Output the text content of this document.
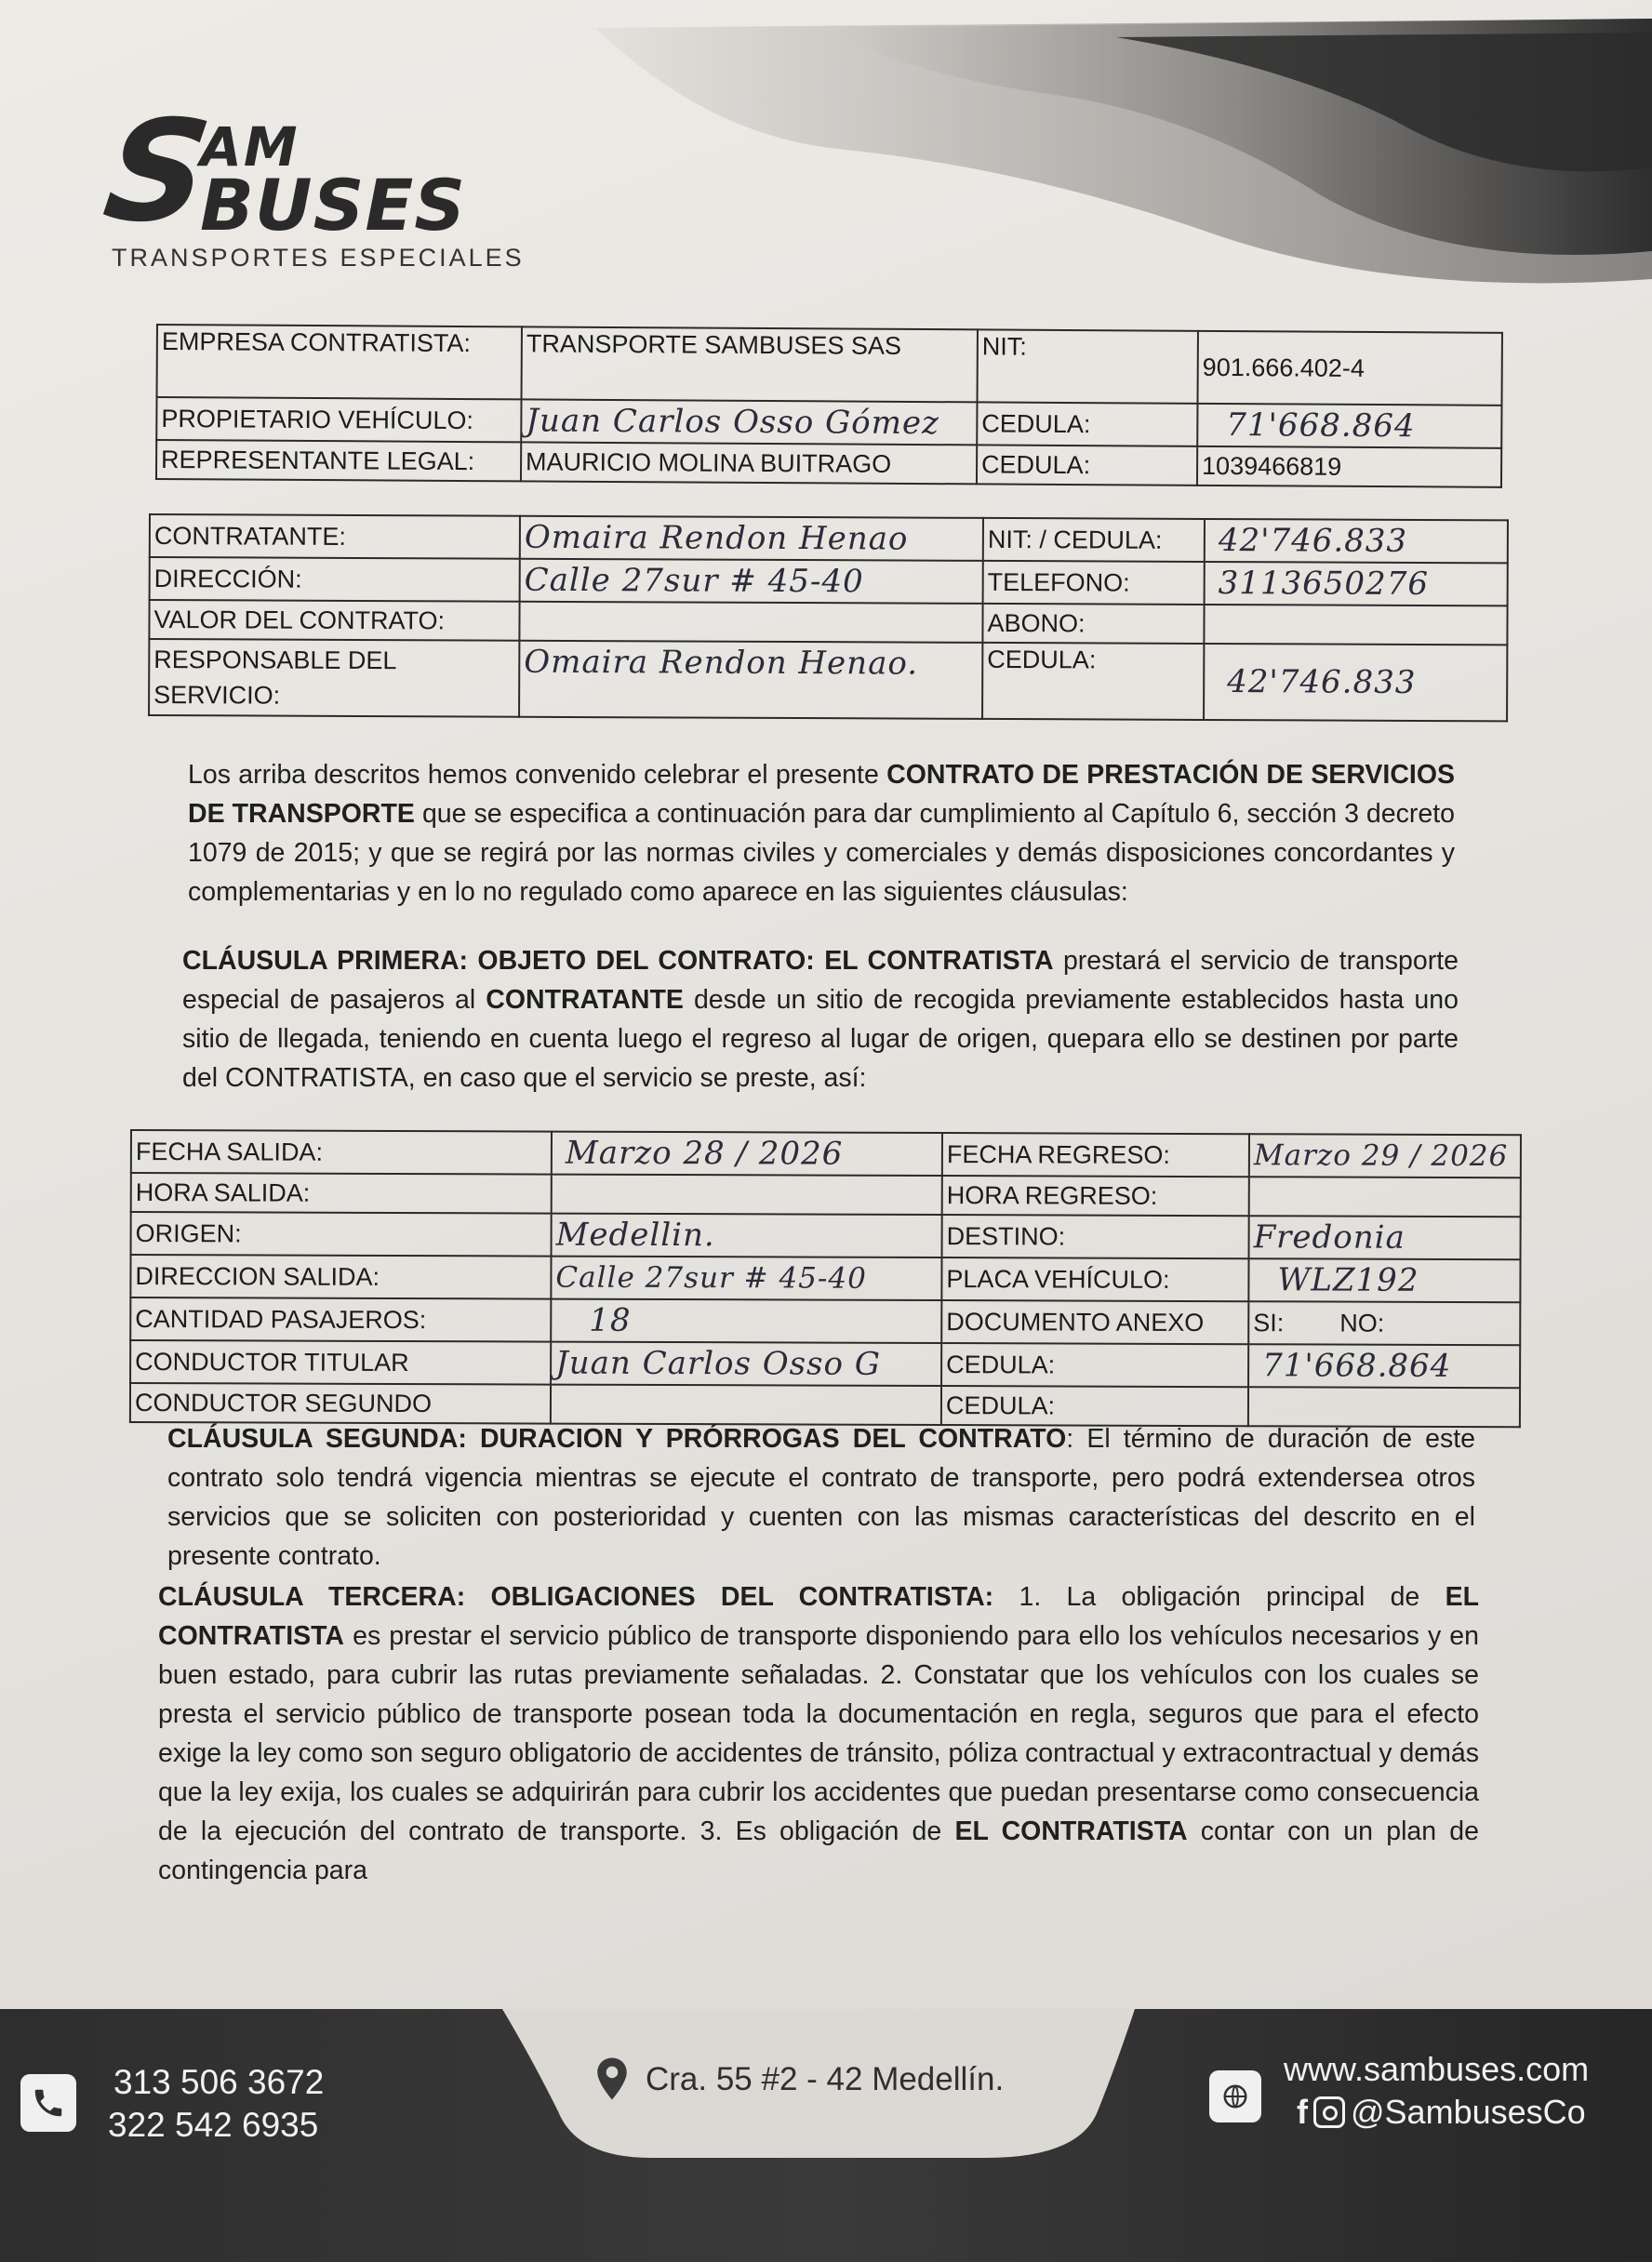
S
AM
BUSES
TRANSPORTES ESPECIALES
EMPRESA CONTRATISTA:	TRANSPORTE SAMBUSES SAS	NIT:	901.666.402-4
PROPIETARIO VEHÍCULO:	Juan Carlos Osso Gómez	CEDULA:	71'668.864
REPRESENTANTE LEGAL:	MAURICIO MOLINA BUITRAGO	CEDULA:	1039466819
CONTRATANTE:	Omaira Rendon Henao	NIT: / CEDULA:	42'746.833
DIRECCIÓN:	Calle 27sur # 45-40	TELEFONO:	3113650276
VALOR DEL CONTRATO:		ABONO:	
RESPONSABLE DEL SERVICIO:	Omaira Rendon Henao.	CEDULA:	42'746.833
Los arriba descritos hemos convenido celebrar el presente CONTRATO DE PRESTACIÓN DE SERVICIOS DE TRANSPORTE que se especifica a continuación para dar cumplimiento al Capítulo 6, sección 3 decreto 1079 de 2015; y que se regirá por las normas civiles y comerciales y demás disposiciones concordantes y complementarias y en lo no regulado como aparece en las siguientes cláusulas:
CLÁUSULA PRIMERA: OBJETO DEL CONTRATO: EL CONTRATISTA prestará el servicio de transporte especial de pasajeros al CONTRATANTE desde un sitio de recogida previamente establecidos hasta uno sitio de llegada, teniendo en cuenta luego el regreso al lugar de origen, quepara ello se destinen por parte del CONTRATISTA, en caso que el servicio se preste, así:
FECHA SALIDA:	Marzo 28 / 2026	FECHA REGRESO:	Marzo 29 / 2026
HORA SALIDA:		HORA REGRESO:	
ORIGEN:	Medellin.	DESTINO:	Fredonia
DIRECCION SALIDA:	Calle 27sur # 45-40	PLACA VEHÍCULO:	WLZ192
CANTIDAD PASAJEROS:	18	DOCUMENTO ANEXO	SI:        NO:
CONDUCTOR TITULAR	Juan Carlos Osso G	CEDULA:	71'668.864
CONDUCTOR SEGUNDO		CEDULA:	
CLÁUSULA SEGUNDA: DURACION Y PRÓRROGAS DEL CONTRATO: El término de duración de este contrato solo tendrá vigencia mientras se ejecute el contrato de transporte, pero podrá extendersea otros servicios que se soliciten con posterioridad y cuenten con las mismas características del descrito en el presente contrato.
CLÁUSULA TERCERA: OBLIGACIONES DEL CONTRATISTA: 1. La obligación principal de EL CONTRATISTA es prestar el servicio público de transporte disponiendo para ello los vehículos necesarios y en buen estado, para cubrir las rutas previamente señaladas. 2. Constatar que los vehículos con los cuales se presta el servicio público de transporte posean toda la documentación en regla, seguros que para el efecto exige la ley como son seguro obligatorio de accidentes de tránsito, póliza contractual y extracontractual y demás que la ley exija, los cuales se adquirirán para cubrir los accidentes que puedan presentarse como consecuencia de la ejecución del contrato de transporte. 3. Es obligación de EL CONTRATISTA contar con un plan de contingencia para
313 506 3672
322 542 6935
Cra. 55 #2 - 42 Medellín.	www.sambuses.com
f @SambusesCo
